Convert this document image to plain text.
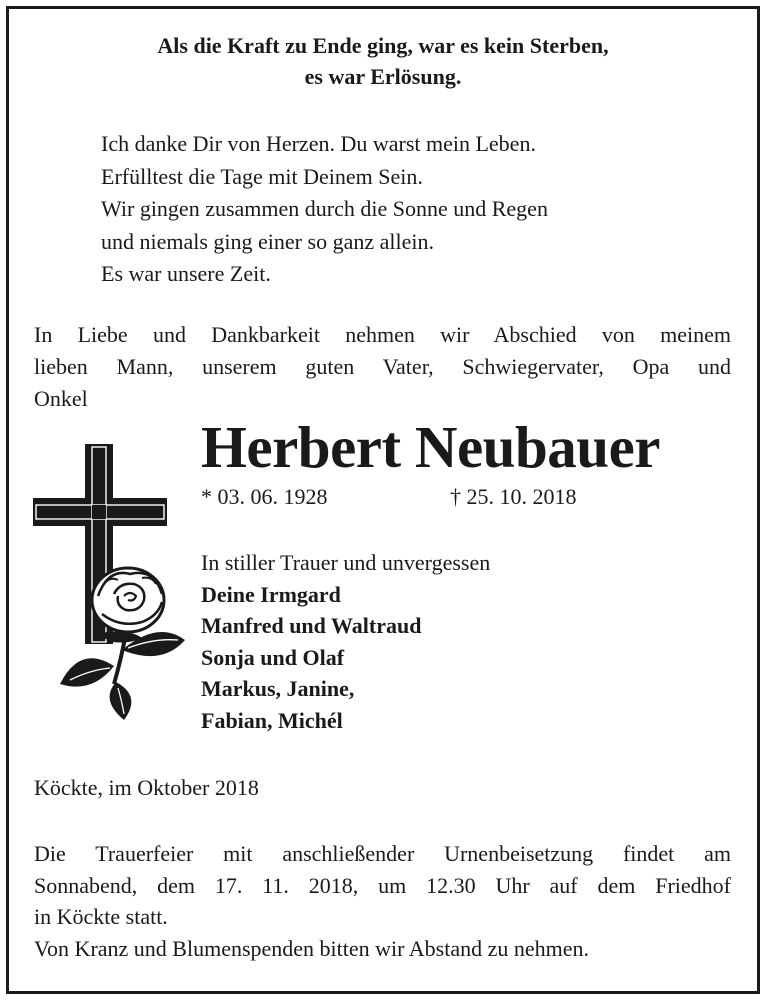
Als die Kraft zu Ende ging, war es kein Sterben,
es war Erlösung.
Ich danke Dir von Herzen. Du warst mein Leben.
Erfülltest die Tage mit Deinem Sein.
Wir gingen zusammen durch die Sonne und Regen
und niemals ging einer so ganz allein.
Es war unsere Zeit.
In Liebe und Dankbarkeit nehmen wir Abschied von meinem
lieben Mann, unserem guten Vater, Schwiegervater, Opa und
Onkel
Herbert Neubauer
* 03. 06. 1928	† 25. 10. 2018
In stiller Trauer und unvergessen
Deine Irmgard
Manfred und Waltraud
Sonja und Olaf
Markus, Janine,
Fabian, Michél
Köckte, im Oktober 2018
Die Trauerfeier mit anschließender Urnenbeisetzung findet am
Sonnabend, dem 17. 11. 2018, um 12.30 Uhr auf dem Friedhof
in Köckte statt.
Von Kranz und Blumenspenden bitten wir Abstand zu nehmen.
